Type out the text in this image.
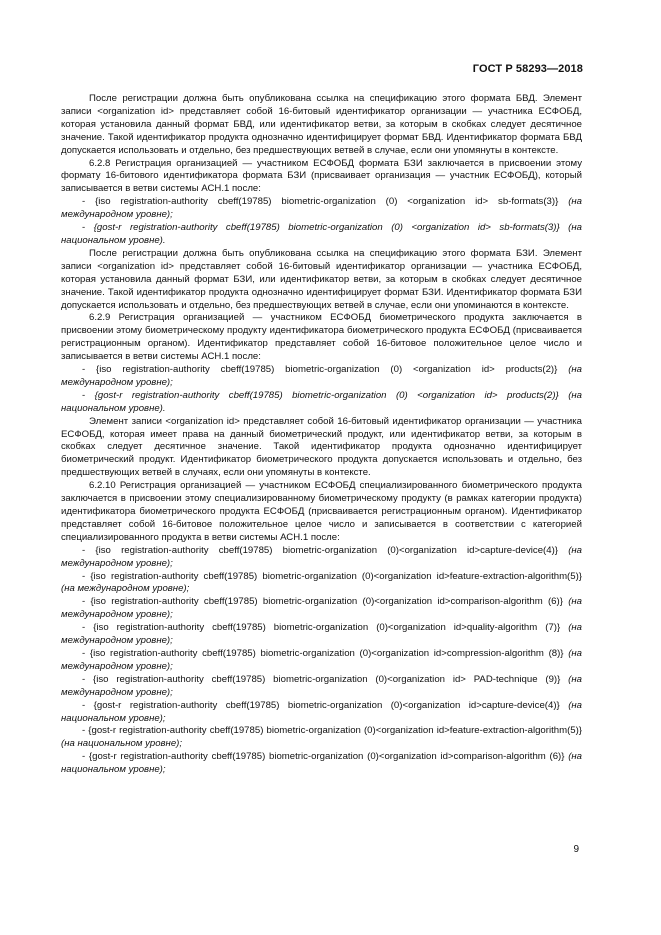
ГОСТ Р 58293—2018

После регистрации должна быть опубликована ссылка на спецификацию этого формата БВД. Элемент записи <organization id> представляет собой 16-битовый идентификатор организации — участника ЕСФОБД, которая установила данный формат БВД, или идентификатор ветви, за которым в скобках следует десятичное значение. Такой идентификатор продукта однозначно идентифицирует формат БВД. Идентификатор формата БВД допускается использовать и отдельно, без предшествующих ветвей в случае, если они упомянуты в контексте.

6.2.8 Регистрация организацией — участником ЕСФОБД формата БЗИ заключается в присвоении этому формату 16-битового идентификатора формата БЗИ (присваивает организация — участник ЕСФОБД), который записывается в ветви системы АСН.1 после:

- {iso registration-authority cbeff(19785) biometric-organization (0) <organization id> sb-formats(3)} (на международном уровне);

- {gost-r registration-authority cbeff(19785) biometric-organization (0) <organization id> sb-formats(3)} (на национальном уровне).

После регистрации должна быть опубликована ссылка на спецификацию этого формата БЗИ. Элемент записи <organization id> представляет собой 16-битовый идентификатор организации — участника ЕСФОБД, которая установила данный формат БЗИ, или идентификатор ветви, за которым в скобках следует десятичное значение. Такой идентификатор продукта однозначно идентифицирует формат БЗИ. Идентификатор формата БЗИ допускается использовать и отдельно, без предшествующих ветвей в случае, если они упоминаются в контексте.

6.2.9 Регистрация организацией — участником ЕСФОБД биометрического продукта заключается в присвоении этому биометрическому продукту идентификатора биометрического продукта ЕСФОБД (присваивается регистрационным органом). Идентификатор представляет собой 16-битовое положительное целое число и записывается в ветви системы АСН.1 после:

- {iso registration-authority cbeff(19785) biometric-organization (0) <organization id> products(2)} (на международном уровне);

- {gost-r registration-authority cbeff(19785) biometric-organization (0) <organization id> products(2)} (на национальном уровне).

Элемент записи <organization id> представляет собой 16-битовый идентификатор организации — участника ЕСФОБД, которая имеет права на данный биометрический продукт, или идентификатор ветви, за которым в скобках следует десятичное значение. Такой идентификатор продукта однозначно идентифицирует биометрический продукт. Идентификатор биометрического продукта допускается использовать и отдельно, без предшествующих ветвей в случаях, если они упомянуты в контексте.

6.2.10 Регистрация организацией — участником ЕСФОБД специализированного биометрического продукта заключается в присвоении этому специализированному биометрическому продукту (в рамках категории продукта) идентификатора биометрического продукта ЕСФОБД (присваивается регистрационным органом). Идентификатор представляет собой 16-битовое положительное целое число и записывается в соответствии с категорией специализированного продукта в ветви системы АСН.1 после:

- {iso registration-authority cbeff(19785) biometric-organization (0)<organization id>capture-device(4)} (на международном уровне);

- {iso registration-authority cbeff(19785) biometric-organization (0)<organization id>feature-extraction-algorithm(5)} (на международном уровне);

- {iso registration-authority cbeff(19785) biometric-organization (0)<organization id>comparison-algorithm (6)} (на международном уровне);

- {iso registration-authority cbeff(19785) biometric-organization (0)<organization id>quality-algorithm (7)} (на международном уровне);

- {iso registration-authority cbeff(19785) biometric-organization (0)<organization id>compression-algorithm (8)} (на международном уровне);

- {iso registration-authority cbeff(19785) biometric-organization (0)<organization id> PAD-technique (9)} (на международном уровне);

- {gost-r registration-authority cbeff(19785) biometric-organization (0)<organization id>capture-device(4)} (на национальном уровне);

- {gost-r registration-authority cbeff(19785) biometric-organization (0)<organization id>feature-extraction-algorithm(5)} (на национальном уровне);

- {gost-r registration-authority cbeff(19785) biometric-organization (0)<organization id>comparison-algorithm (6)} (на национальном уровне);

9
